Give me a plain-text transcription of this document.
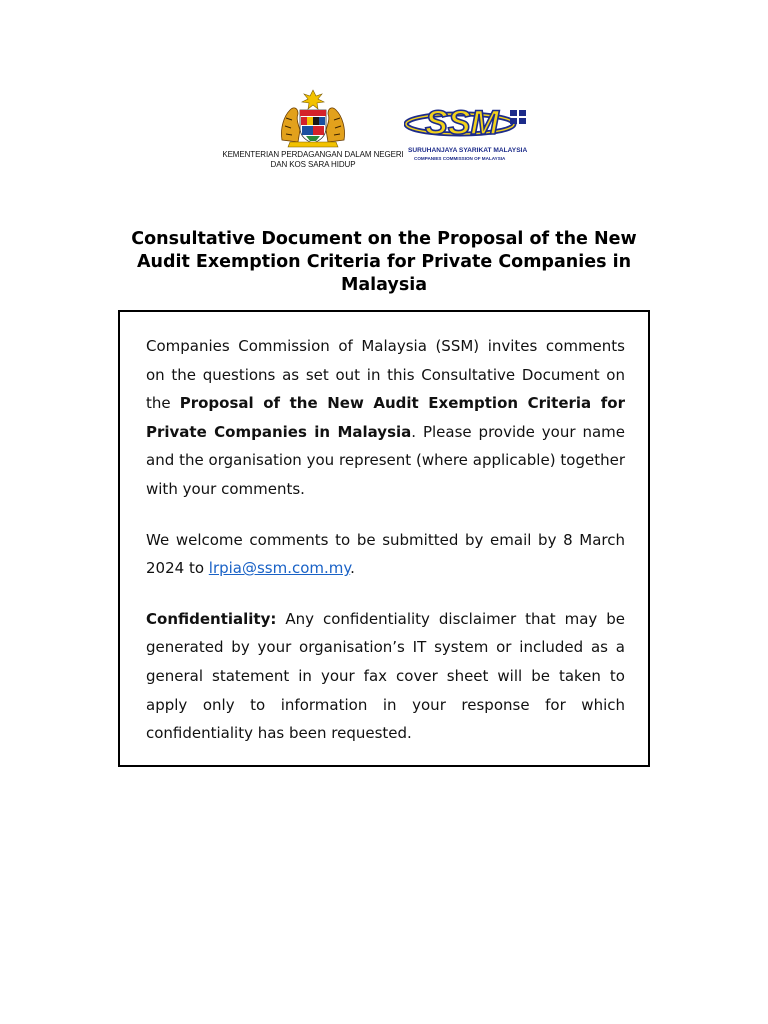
KEMENTERIAN PERDAGANGAN DALAM NEGERI
DAN KOS SARA HIDUP
SSM
SURUHANJAYA SYARIKAT MALAYSIA
COMPANIES COMMISSION OF MALAYSIA
Consultative Document on the Proposal of the New Audit Exemption Criteria for Private Companies in Malaysia

Companies Commission of Malaysia (SSM) invites comments on the questions as set out in this Consultative Document on the Proposal of the New Audit Exemption Criteria for Private Companies in Malaysia. Please provide your name and the organisation you represent (where applicable) together with your comments.

We welcome comments to be submitted by email by 8 March 2024 to lrpia@ssm.com.my.

Confidentiality: Any confidentiality disclaimer that may be generated by your organisation’s IT system or included as a general statement in your fax cover sheet will be taken to apply only to information in your response for which confidentiality has been requested.
